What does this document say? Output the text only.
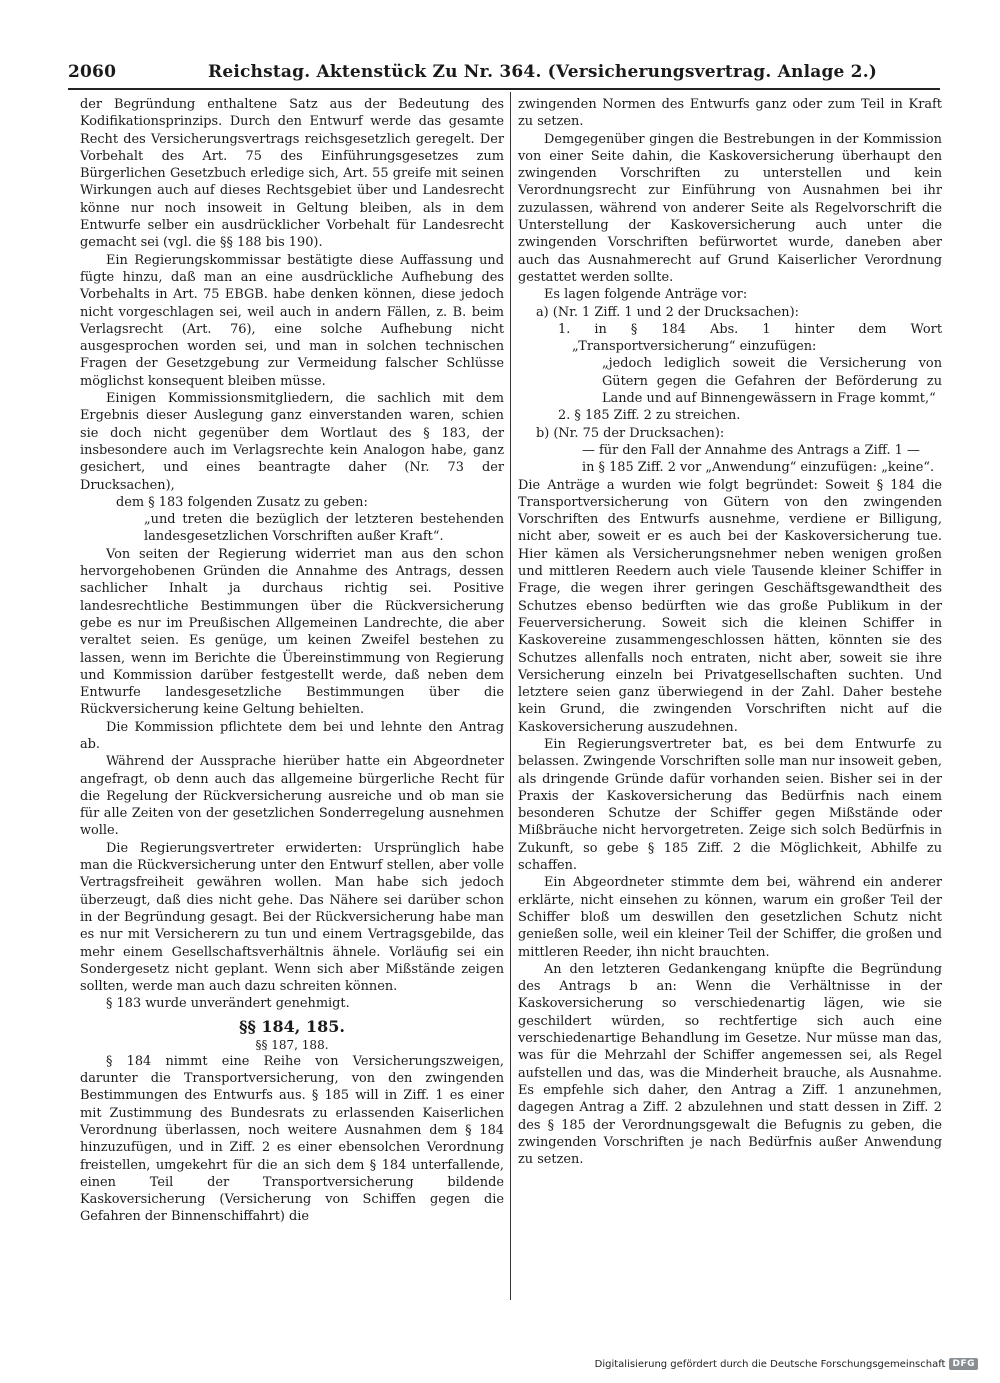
2060	Reichstag. Aktenstück Zu Nr. 364. (Versicherungsvertrag. Anlage 2.)

der Begründung enthaltene Satz aus der Bedeutung des Kodifikationsprinzips. Durch den Entwurf werde das gesamte Recht des Versicherungsvertrags reichsgesetzlich geregelt. Der Vorbehalt des Art. 75 des Einführungsgesetzes zum Bürgerlichen Gesetzbuch erledige sich, Art. 55 greife mit seinen Wirkungen auch auf dieses Rechtsgebiet über und Landesrecht könne nur noch insoweit in Geltung bleiben, als in dem Entwurfe selber ein ausdrücklicher Vorbehalt für Landesrecht gemacht sei (vgl. die §§ 188 bis 190).

Ein Regierungskommissar bestätigte diese Auffassung und fügte hinzu, daß man an eine ausdrückliche Aufhebung des Vorbehalts in Art. 75 EBGB. habe denken können, diese jedoch nicht vorgeschlagen sei, weil auch in andern Fällen, z. B. beim Verlagsrecht (Art. 76), eine solche Aufhebung nicht ausgesprochen worden sei, und man in solchen technischen Fragen der Gesetzgebung zur Vermeidung falscher Schlüsse möglichst konsequent bleiben müsse.

Einigen Kommissionsmitgliedern, die sachlich mit dem Ergebnis dieser Auslegung ganz einverstanden waren, schien sie doch nicht gegenüber dem Wortlaut des § 183, der insbesondere auch im Verlagsrechte kein Analogon habe, ganz gesichert, und eines beantragte daher (Nr. 73 der Drucksachen),

dem § 183 folgenden Zusatz zu geben:

„und treten die bezüglich der letzteren bestehenden landesgesetzlichen Vorschriften außer Kraft“.

Von seiten der Regierung widerriet man aus den schon hervorgehobenen Gründen die Annahme des Antrags, dessen sachlicher Inhalt ja durchaus richtig sei. Positive landesrechtliche Bestimmungen über die Rückversicherung gebe es nur im Preußischen Allgemeinen Landrechte, die aber veraltet seien. Es genüge, um keinen Zweifel bestehen zu lassen, wenn im Berichte die Übereinstimmung von Regierung und Kommission darüber festgestellt werde, daß neben dem Entwurfe landesgesetzliche Bestimmungen über die Rückversicherung keine Geltung behielten.

Die Kommission pflichtete dem bei und lehnte den Antrag ab.

Während der Aussprache hierüber hatte ein Abgeordneter angefragt, ob denn auch das allgemeine bürgerliche Recht für die Regelung der Rückversicherung ausreiche und ob man sie für alle Zeiten von der gesetzlichen Sonderregelung ausnehmen wolle.

Die Regierungsvertreter erwiderten: Ursprünglich habe man die Rückversicherung unter den Entwurf stellen, aber volle Vertragsfreiheit gewähren wollen. Man habe sich jedoch überzeugt, daß dies nicht gehe. Das Nähere sei darüber schon in der Begründung gesagt. Bei der Rückversicherung habe man es nur mit Versicherern zu tun und einem Vertragsgebilde, das mehr einem Gesellschaftsverhältnis ähnele. Vorläufig sei ein Sondergesetz nicht geplant. Wenn sich aber Mißstände zeigen sollten, werde man auch dazu schreiten können.

§ 183 wurde unverändert genehmigt.

§§ 184, 185.
§§ 187, 188.

§ 184 nimmt eine Reihe von Versicherungszweigen, darunter die Transportversicherung, von den zwingenden Bestimmungen des Entwurfs aus. § 185 will in Ziff. 1 es einer mit Zustimmung des Bundesrats zu erlassenden Kaiserlichen Verordnung überlassen, noch weitere Ausnahmen dem § 184 hinzuzufügen, und in Ziff. 2 es einer ebensolchen Verordnung freistellen, umgekehrt für die an sich dem § 184 unterfallende, einen Teil der Transportversicherung bildende Kaskoversicherung (Versicherung von Schiffen gegen die Gefahren der Binnenschiffahrt) die

zwingenden Normen des Entwurfs ganz oder zum Teil in Kraft zu setzen.

Demgegenüber gingen die Bestrebungen in der Kommission von einer Seite dahin, die Kaskoversicherung überhaupt den zwingenden Vorschriften zu unterstellen und kein Verordnungsrecht zur Einführung von Ausnahmen bei ihr zuzulassen, während von anderer Seite als Regelvorschrift die Unterstellung der Kaskoversicherung auch unter die zwingenden Vorschriften befürwortet wurde, daneben aber auch das Ausnahmerecht auf Grund Kaiserlicher Verordnung gestattet werden sollte.

Es lagen folgende Anträge vor:

a) (Nr. 1 Ziff. 1 und 2 der Drucksachen):

1. in § 184 Abs. 1 hinter dem Wort „Transportversicherung“ einzufügen:

„jedoch lediglich soweit die Versicherung von Gütern gegen die Gefahren der Beförderung zu Lande und auf Binnengewässern in Frage kommt,“

2. § 185 Ziff. 2 zu streichen.

b) (Nr. 75 der Drucksachen):

— für den Fall der Annahme des Antrags a Ziff. 1 —

in § 185 Ziff. 2 vor „Anwendung“ einzufügen: „keine“.

Die Anträge a wurden wie folgt begründet: Soweit § 184 die Transportversicherung von Gütern von den zwingenden Vorschriften des Entwurfs ausnehme, verdiene er Billigung, nicht aber, soweit er es auch bei der Kaskoversicherung tue. Hier kämen als Versicherungsnehmer neben wenigen großen und mittleren Reedern auch viele Tausende kleiner Schiffer in Frage, die wegen ihrer geringen Geschäftsgewandtheit des Schutzes ebenso bedürften wie das große Publikum in der Feuerversicherung. Soweit sich die kleinen Schiffer in Kaskovereine zusammengeschlossen hätten, könnten sie des Schutzes allenfalls noch entraten, nicht aber, soweit sie ihre Versicherung einzeln bei Privatgesellschaften suchten. Und letztere seien ganz überwiegend in der Zahl. Daher bestehe kein Grund, die zwingenden Vorschriften nicht auf die Kaskoversicherung auszudehnen.

Ein Regierungsvertreter bat, es bei dem Entwurfe zu belassen. Zwingende Vorschriften solle man nur insoweit geben, als dringende Gründe dafür vorhanden seien. Bisher sei in der Praxis der Kaskoversicherung das Bedürfnis nach einem besonderen Schutze der Schiffer gegen Mißstände oder Mißbräuche nicht hervorgetreten. Zeige sich solch Bedürfnis in Zukunft, so gebe § 185 Ziff. 2 die Möglichkeit, Abhilfe zu schaffen.

Ein Abgeordneter stimmte dem bei, während ein anderer erklärte, nicht einsehen zu können, warum ein großer Teil der Schiffer bloß um deswillen den gesetzlichen Schutz nicht genießen solle, weil ein kleiner Teil der Schiffer, die großen und mittleren Reeder, ihn nicht brauchten.

An den letzteren Gedankengang knüpfte die Begründung des Antrags b an: Wenn die Verhältnisse in der Kaskoversicherung so verschiedenartig lägen, wie sie geschildert würden, so rechtfertige sich auch eine verschiedenartige Behandlung im Gesetze. Nur müsse man das, was für die Mehrzahl der Schiffer angemessen sei, als Regel aufstellen und das, was die Minderheit brauche, als Ausnahme. Es empfehle sich daher, den Antrag a Ziff. 1 anzunehmen, dagegen Antrag a Ziff. 2 abzulehnen und statt dessen in Ziff. 2 des § 185 der Verordnungsgewalt die Befugnis zu geben, die zwingenden Vorschriften je nach Bedürfnis außer Anwendung zu setzen.

Digitalisierung gefördert durch die Deutsche Forschungsgemeinschaft DFG
